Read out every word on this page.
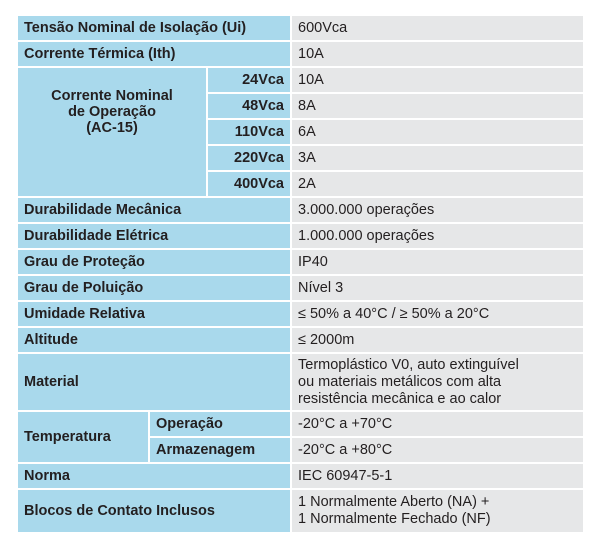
Tensão Nominal de Isolação (Ui)			600Vca
Corrente Térmica (Ith)			10A

Corrente Nominal
de Operação
(AC-15)		24Vca	10A
		48Vca	8A
		110Vca	6A
		220Vca	3A
		400Vca	2A
Durabilidade Mecânica			3.000.000 operações
Durabilidade Elétrica			1.000.000 operações
Grau de Proteção			IP40
Grau de Poluição			Nível 3
Umidade Relativa			≤ 50% a 40°C / ≥ 50% a 20°C
Altitude			≤ 2000m
Material			Termoplástico V0, auto extinguível
ou materiais metálicos com alta
resistência mecânica e ao calor

Temperatura	Operação		-20°C a +70°C
	Armazenagem		-20°C a +80°C
Norma			IEC 60947-5-1
Blocos de Contato Inclusos			1 Normalmente Aberto (NA) +
1 Normalmente Fechado (NF)
